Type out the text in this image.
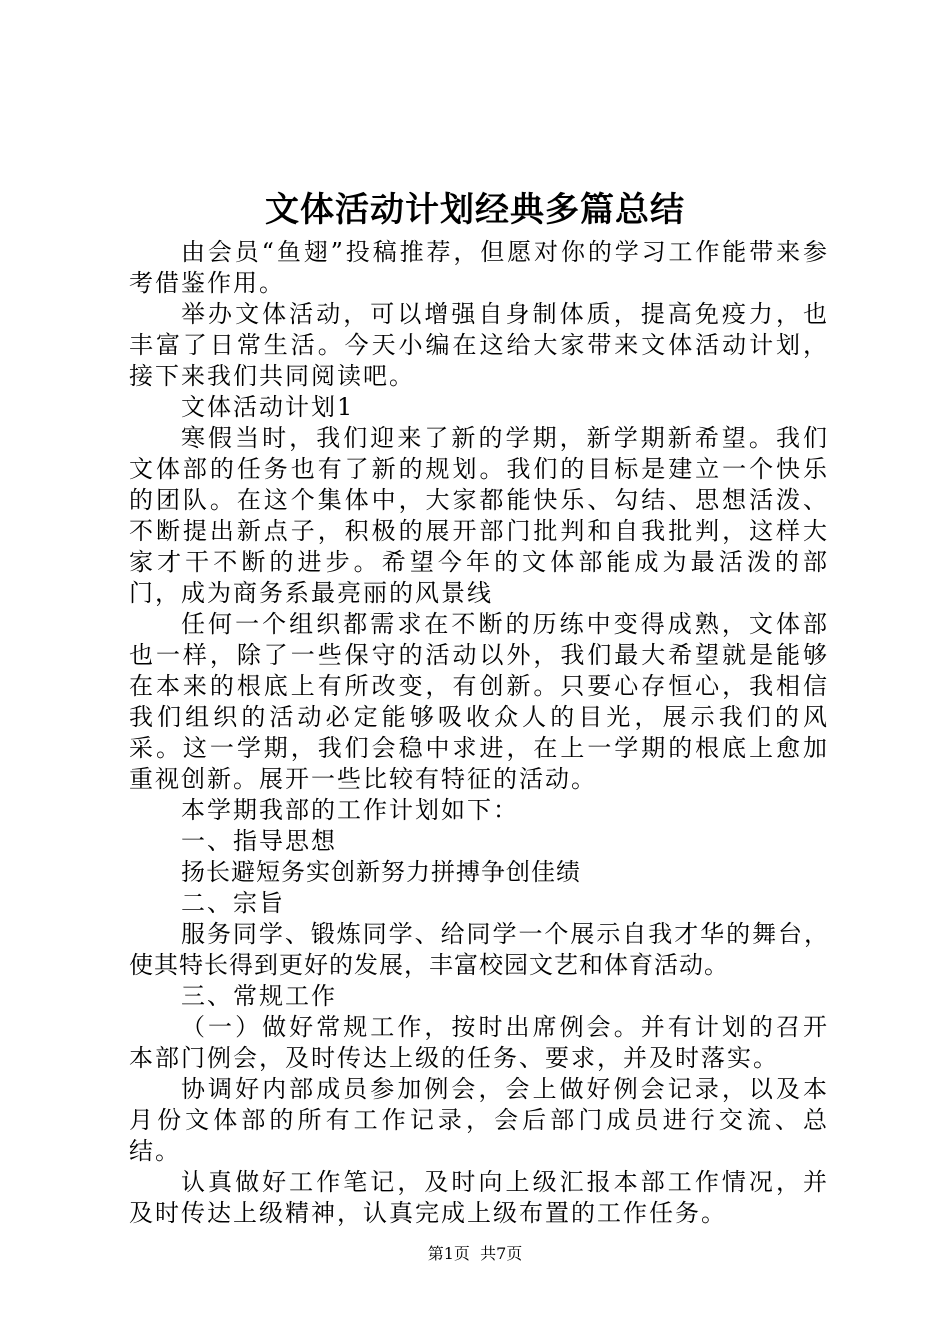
文体活动计划经典多篇总结

由会员“鱼翅”投稿推荐，但愿对你的学习工作能带来参考借鉴作用。

举办文体活动，可以增强自身制体质，提高免疫力，也丰富了日常生活。今天小编在这给大家带来文体活动计划，接下来我们共同阅读吧。

文体活动计划1

寒假当时，我们迎来了新的学期，新学期新希望。我们文体部的任务也有了新的规划。我们的目标是建立一个快乐的团队。在这个集体中，大家都能快乐、勾结、思想活泼、不断提出新点子，积极的展开部门批判和自我批判，这样大家才干不断的进步。希望今年的文体部能成为最活泼的部门，成为商务系最亮丽的风景线

任何一个组织都需求在不断的历练中变得成熟，文体部也一样，除了一些保守的活动以外，我们最大希望就是能够在本来的根底上有所改变，有创新。只要心存恒心，我相信我们组织的活动必定能够吸收众人的目光，展示我们的风采。这一学期，我们会稳中求进，在上一学期的根底上愈加重视创新。展开一些比较有特征的活动。

本学期我部的工作计划如下：

一、指导思想

扬长避短务实创新努力拼搏争创佳绩

二、宗旨

服务同学、锻炼同学、给同学一个展示自我才华的舞台，使其特长得到更好的发展，丰富校园文艺和体育活动。

三、常规工作

（一）做好常规工作，按时出席例会。并有计划的召开本部门例会，及时传达上级的任务、要求，并及时落实。

协调好内部成员参加例会，会上做好例会记录，以及本月份文体部的所有工作记录，会后部门成员进行交流、总结。

认真做好工作笔记，及时向上级汇报本部工作情况，并及时传达上级精神，认真完成上级布置的工作任务。

第1页  共7页
